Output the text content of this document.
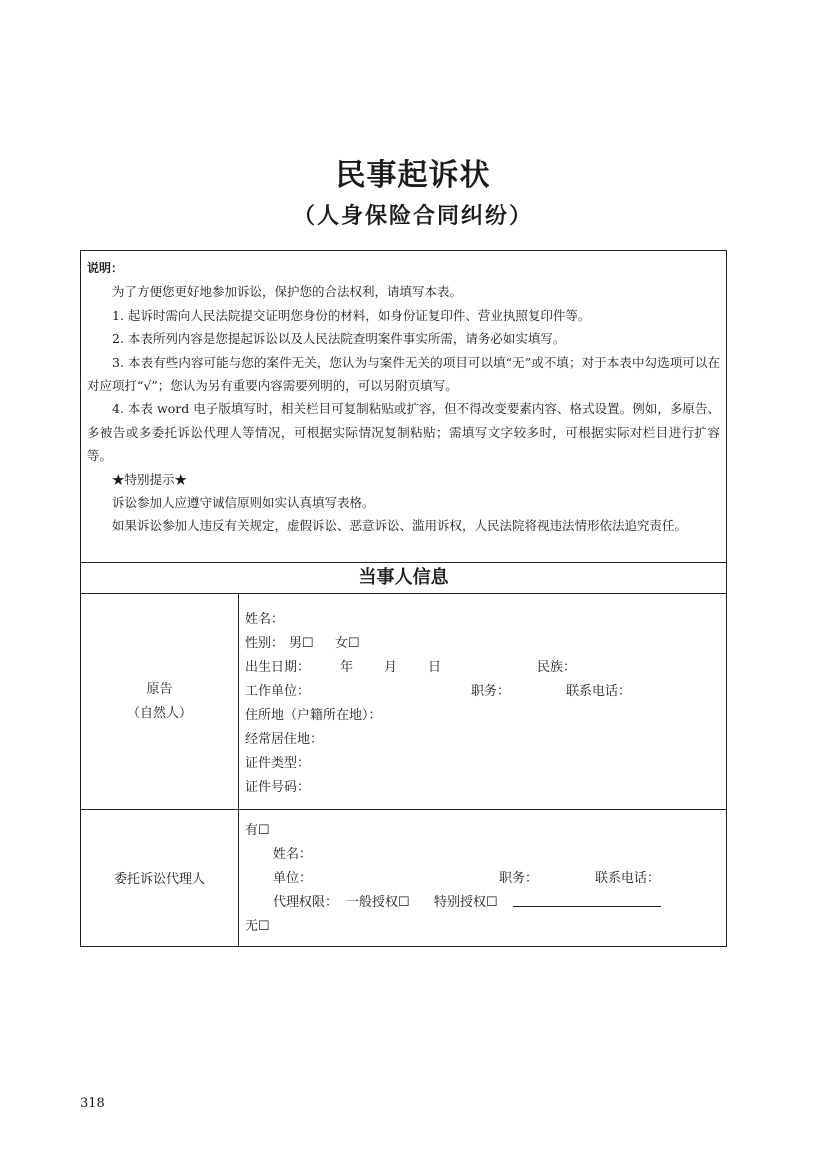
民事起诉状
（人身保险合同纠纷）
说明：

为了方便您更好地参加诉讼，保护您的合法权利，请填写本表。

1. 起诉时需向人民法院提交证明您身份的材料，如身份证复印件、营业执照复印件等。

2. 本表所列内容是您提起诉讼以及人民法院查明案件事实所需，请务必如实填写。

3. 本表有些内容可能与您的案件无关，您认为与案件无关的项目可以填“无”或不填；对于本表中勾选项可以在对应项打“√”；您认为另有重要内容需要列明的，可以另附页填写。

4. 本表 word 电子版填写时，相关栏目可复制粘贴或扩容，但不得改变要素内容、格式设置。例如，多原告、多被告或多委托诉讼代理人等情况，可根据实际情况复制粘贴；需填写文字较多时，可根据实际对栏目进行扩容等。

★特别提示★

诉讼参加人应遵守诚信原则如实认真填写表格。

如果诉讼参加人违反有关规定，虚假诉讼、恶意诉讼、滥用诉权，人民法院将视违法情形依法追究责任。

当事人信息
原告
（自然人）
姓名：
性别： 男☐ 女☐
出生日期： 年 月 日	民族：
工作单位：	职务：	联系电话：
住所地（户籍所在地）：
经常居住地：
证件类型：
证件号码：
委托诉讼代理人
有☐
姓名：
单位：	职务：	联系电话：
代理权限： 一般授权☐ 特别授权☐
无☐
318
